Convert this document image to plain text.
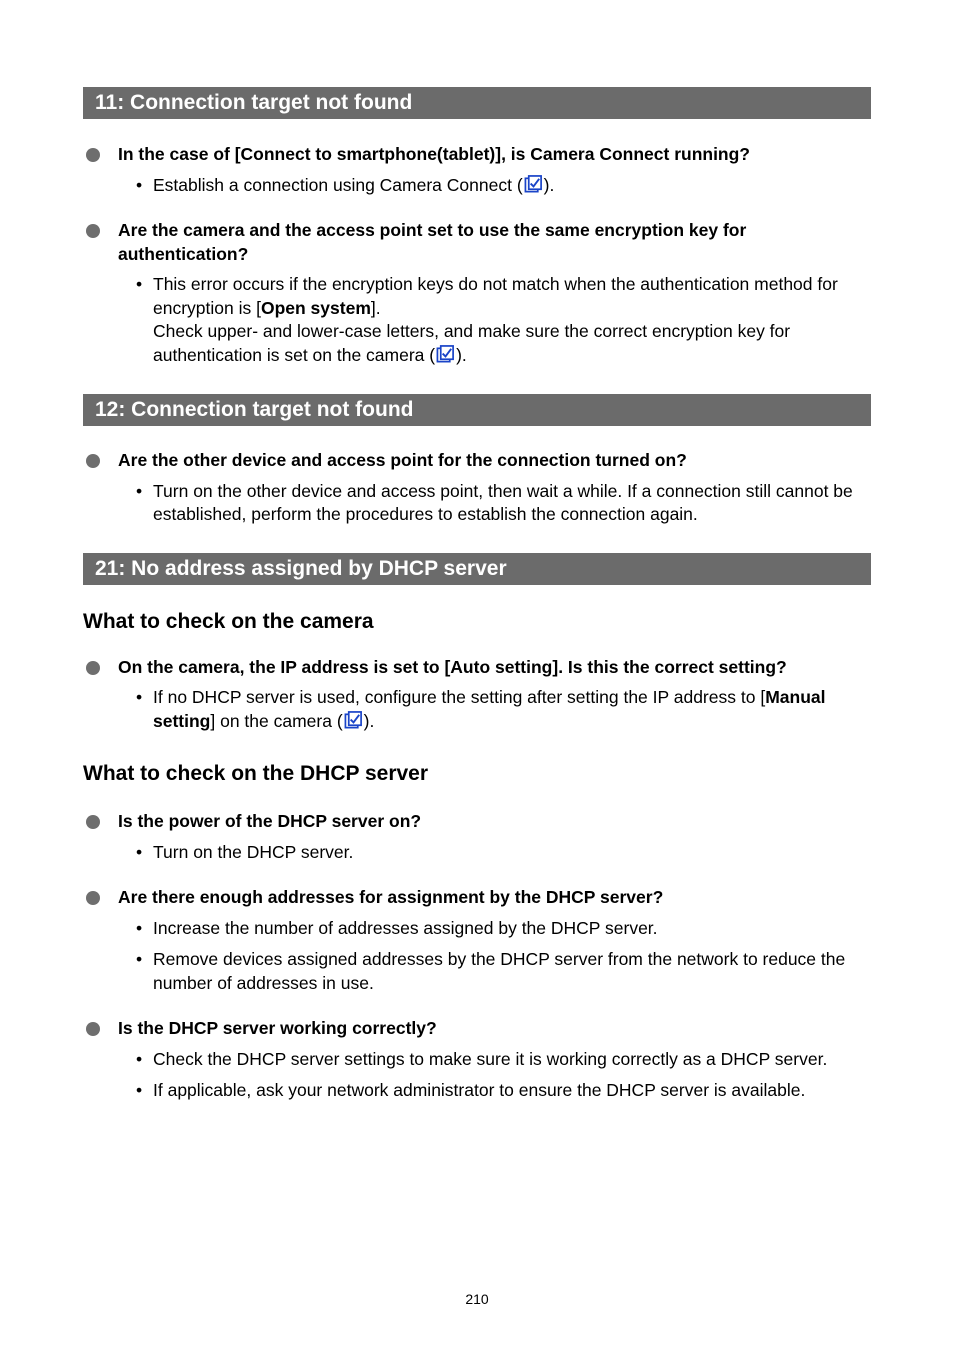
11: Connection target not found
In the case of [Connect to smartphone(tablet)], is Camera Connect running?
• Establish a connection using Camera Connect ( ).
Are the camera and the access point set to use the same encryption key for authentication?
• This error occurs if the encryption keys do not match when the authentication method for encryption is [Open system].
Check upper- and lower-case letters, and make sure the correct encryption key for authentication is set on the camera ( ).
12: Connection target not found
Are the other device and access point for the connection turned on?
• Turn on the other device and access point, then wait a while. If a connection still cannot be established, perform the procedures to establish the connection again.
21: No address assigned by DHCP server
What to check on the camera
On the camera, the IP address is set to [Auto setting]. Is this the correct setting?
• If no DHCP server is used, configure the setting after setting the IP address to [Manual setting] on the camera ( ).
What to check on the DHCP server
Is the power of the DHCP server on?
• Turn on the DHCP server.
Are there enough addresses for assignment by the DHCP server?
• Increase the number of addresses assigned by the DHCP server.
• Remove devices assigned addresses by the DHCP server from the network to reduce the number of addresses in use.
Is the DHCP server working correctly?
• Check the DHCP server settings to make sure it is working correctly as a DHCP server.
• If applicable, ask your network administrator to ensure the DHCP server is available.
210
